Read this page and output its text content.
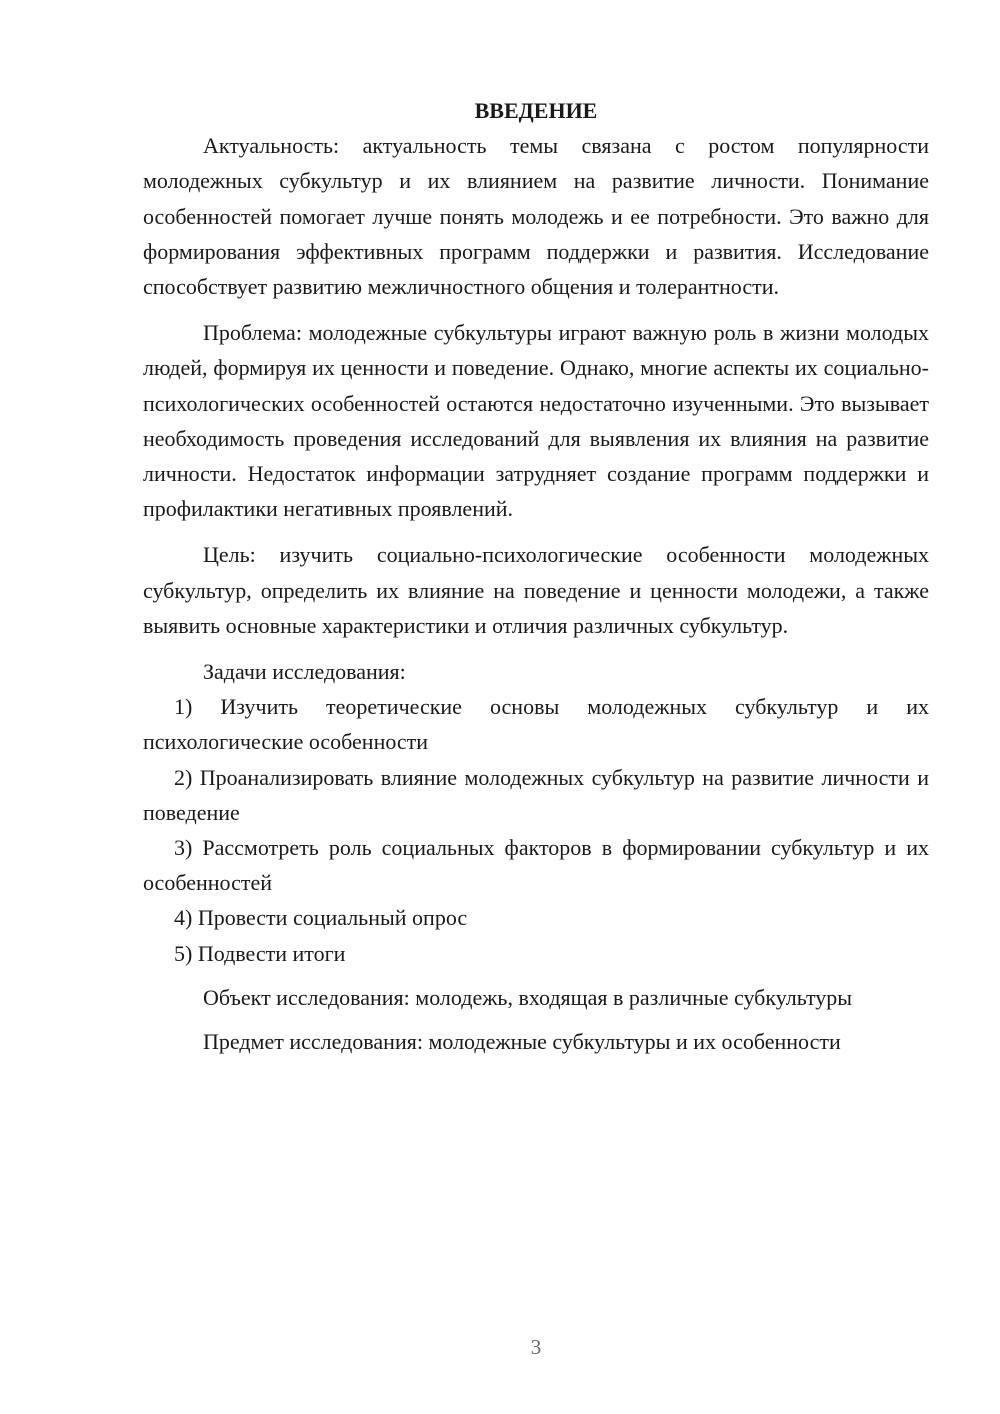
ВВЕДЕНИЕ

Актуальность: актуальность темы связана с ростом популярности молодежных субкультур и их влиянием на развитие личности. Понимание особенностей помогает лучше понять молодежь и ее потребности. Это важно для формирования эффективных программ поддержки и развития. Исследование способствует развитию межличностного общения и толерантности.

Проблема: молодежные субкультуры играют важную роль в жизни молодых людей, формируя их ценности и поведение. Однако, многие аспекты их социально-психологических особенностей остаются недостаточно изученными. Это вызывает необходимость проведения исследований для выявления их влияния на развитие личности. Недостаток информации затрудняет создание программ поддержки и профилактики негативных проявлений.

Цель: изучить социально-психологические особенности молодежных субкультур, определить их влияние на поведение и ценности молодежи, а также выявить основные характеристики и отличия различных субкультур.

Задачи исследования:

1) Изучить теоретические основы молодежных субкультур и их психологические особенности

2) Проанализировать влияние молодежных субкультур на развитие личности и поведение

3) Рассмотреть роль социальных факторов в формировании субкультур и их особенностей

4) Провести социальный опрос

5) Подвести итоги

Объект исследования: молодежь, входящая в различные субкультуры

Предмет исследования: молодежные субкультуры и их особенности

3
